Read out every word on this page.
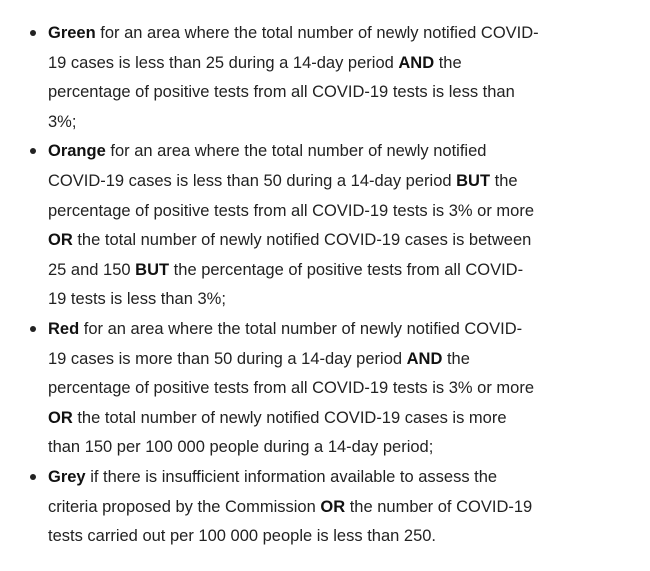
Green for an area where the total number of newly notified COVID-
19 cases is less than 25 during a 14-day period AND the
percentage of positive tests from all COVID-19 tests is less than
3%;
Orange for an area where the total number of newly notified
COVID-19 cases is less than 50 during a 14-day period BUT the
percentage of positive tests from all COVID-19 tests is 3% or more
OR the total number of newly notified COVID-19 cases is between
25 and 150 BUT the percentage of positive tests from all COVID-
19 tests is less than 3%;
Red for an area where the total number of newly notified COVID-
19 cases is more than 50 during a 14-day period AND the
percentage of positive tests from all COVID-19 tests is 3% or more
OR the total number of newly notified COVID-19 cases is more
than 150 per 100 000 people during a 14-day period;
Grey if there is insufficient information available to assess the
criteria proposed by the Commission OR the number of COVID-19
tests carried out per 100 000 people is less than 250.
